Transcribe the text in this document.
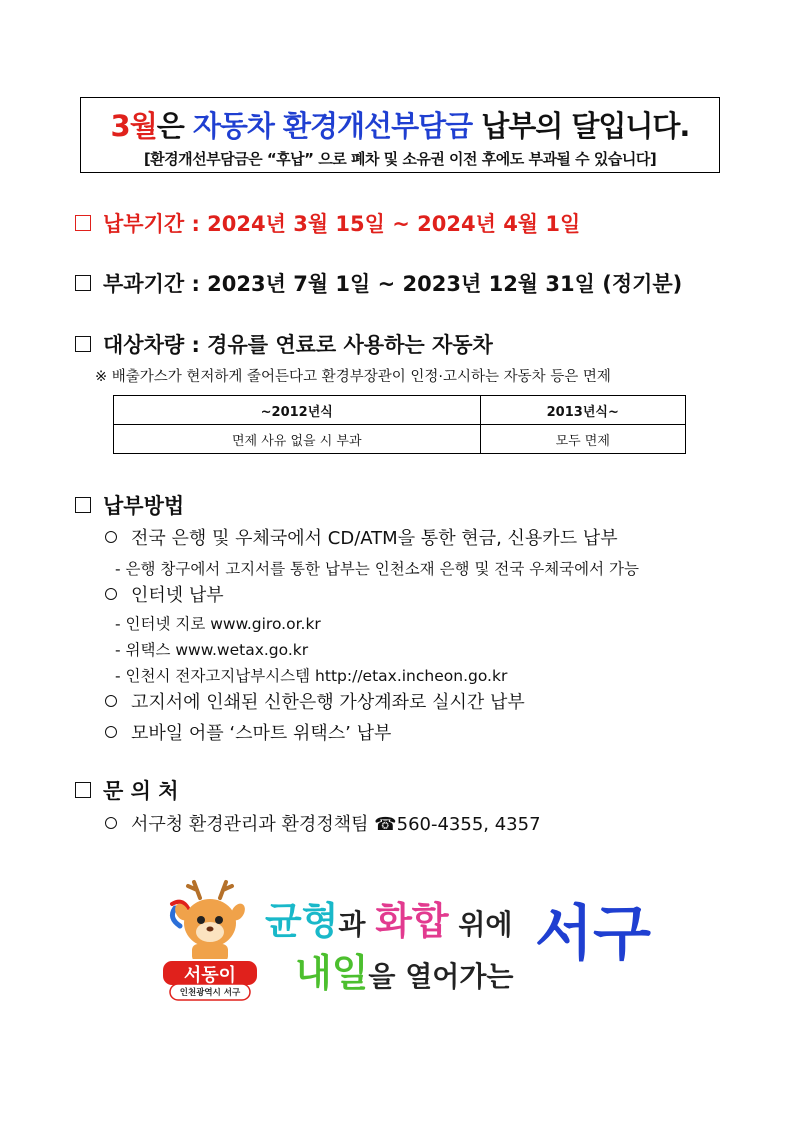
3월은 자동차 환경개선부담금 납부의 달입니다.
[환경개선부담금은 “후납” 으로 폐차 및 소유권 이전 후에도 부과될 수 있습니다]
납부기간 : 2024년 3월 15일 ~ 2024년 4월 1일
부과기간 : 2023년 7월 1일 ~ 2023년 12월 31일 (정기분)
대상차량 : 경유를 연료로 사용하는 자동차
※ 배출가스가 현저하게 줄어든다고 환경부장관이 인정·고시하는 자동차 등은 면제
~2012년식	2013년식~
면제 사유 없을 시 부과	모두 면제
납부방법
전국 은행 및 우체국에서 CD/ATM을 통한 현금, 신용카드 납부
- 은행 창구에서 고지서를 통한 납부는 인천소재 은행 및 전국 우체국에서 가능
인터넷 납부
- 인터넷 지로 www.giro.or.kr
- 위택스 www.wetax.go.kr
- 인천시 전자고지납부시스템 http://etax.incheon.go.kr
고지서에 인쇄된 신한은행 가상계좌로 실시간 납부
모바일 어플 ‘스마트 위택스’ 납부
문 의 처
서구청 환경관리과 환경정책팀 ☎560-4355, 4357
서동이
인천광역시 서구
균형과 화합 위에
내일을 열어가는
서구
